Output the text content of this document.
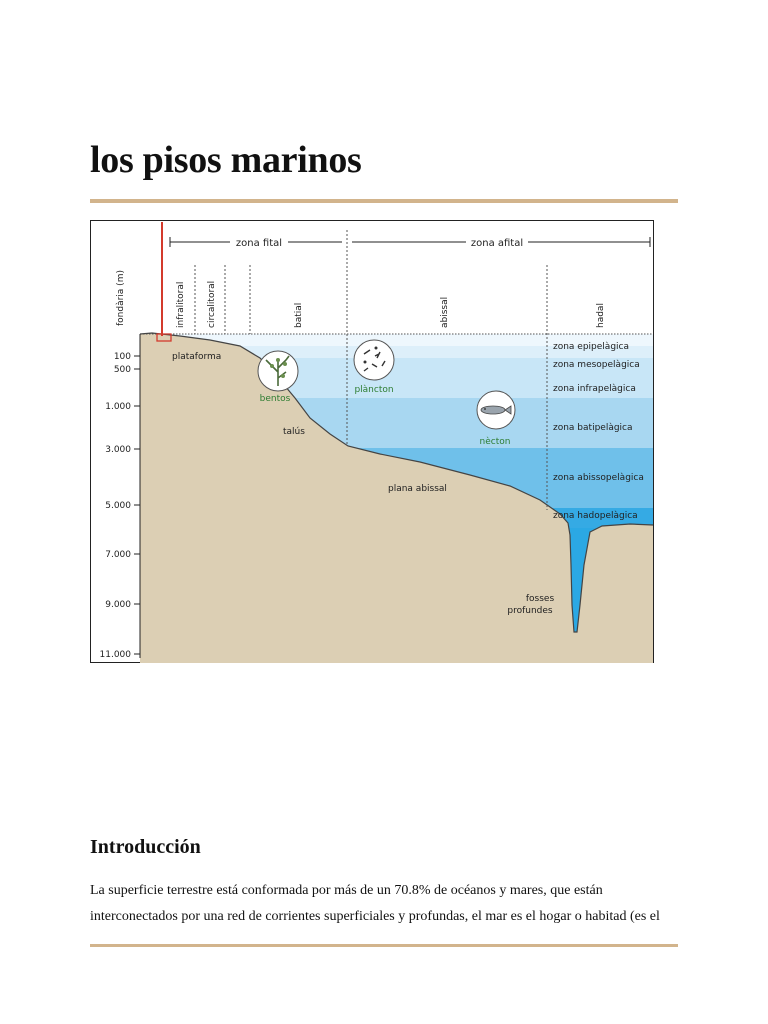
los pisos marinos
zona fital	zona afital
fondària (m)
100
500
1.000
3.000
5.000
7.000
9.000
11.000
infralitoral circalitoral	batial	abissal	hadal
plataforma
talús
plana abissal
fosses
profundes
zona epipelàgica
zona mesopelàgica
zona infrapelàgica
zona batipelàgica
zona abissopelàgica
zona hadopelàgica
bentos
plàncton
nècton
Introducción

La superficie terrestre está conformada por más de un 70.8% de océanos y mares, que están interconectados por una red de corrientes superficiales y profundas, el mar es el hogar o habitad (es el
